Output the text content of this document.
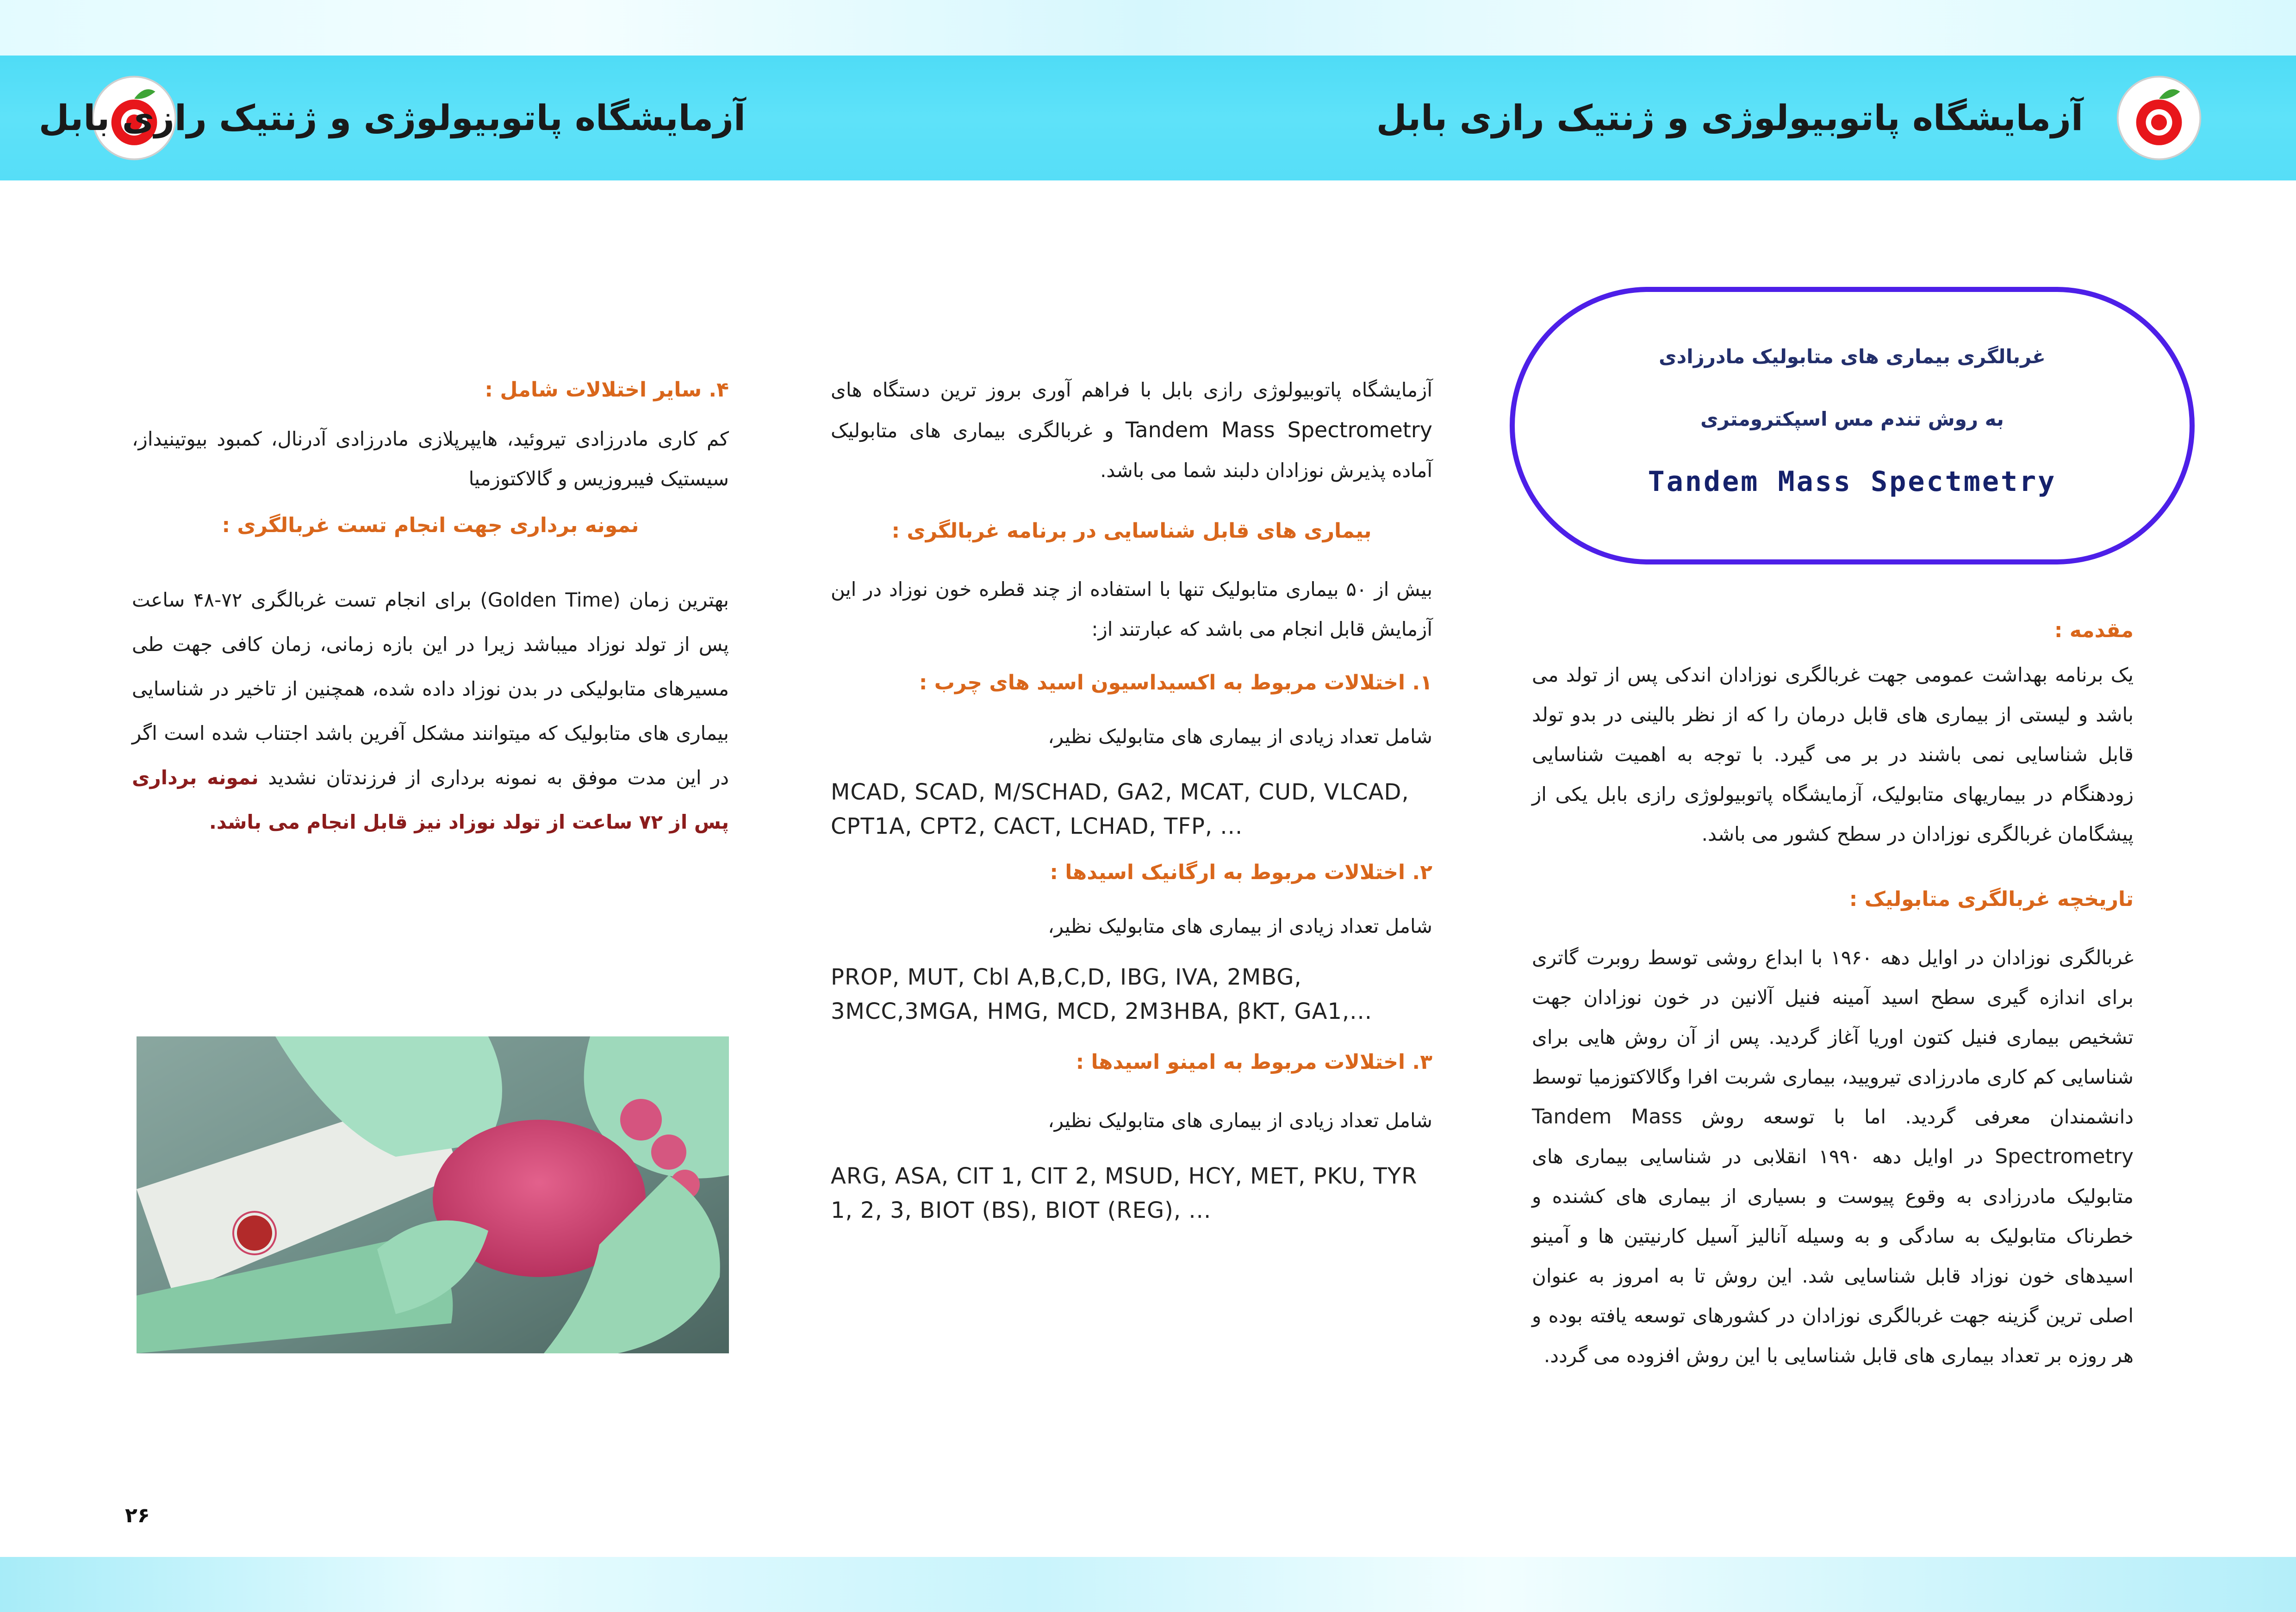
آزمایشگاه پاتوبیولوژی و ژنتیک رازی بابل
آزمایشگاه پاتوبیولوژی و ژنتیک رازی بابل
غربالگری بیماری های متابولیک مادرزادی
به روش تندم مس اسپکترومتری
Tandem Mass Spectmetry

مقدمه :

یک برنامه بهداشت عمومی جهت غربالگری نوزادان اندکی پس از تولد می باشد و لیستی از بیماری های قابل درمان را که از نظر بالینی در بدو تولد قابل شناسایی نمی باشند در بر می گیرد. با توجه به اهمیت شناسایی زودهنگام در بیماریهای متابولیک، آزمایشگاه پاتوبیولوژی رازی بابل یکی از پیشگامان غربالگری نوزادان در سطح کشور می باشد.

تاریخچه غربالگری متابولیک :

غربالگری نوزادان در اوایل دهه ۱۹۶۰ با ابداع روشی توسط روبرت گاتری برای اندازه گیری سطح اسید آمینه فنیل آلانین در خون نوزادان جهت تشخیص بیماری فنیل کتون اوریا آغاز گردید. پس از آن روش هایی برای شناسایی کم کاری مادرزادی تیرویید، بیماری شربت افرا وگالاکتوزمیا توسط دانشمندان معرفی گردید. اما با توسعه روش Tandem Mass Spectrometry در اوایل دهه ۱۹۹۰ انقلابی در شناسایی بیماری های متابولیک مادرزادی به وقوع پیوست و بسیاری از بیماری های کشنده و خطرناک متابولیک به سادگی و به وسیله آنالیز آسیل کارنیتین ها و آمینو اسیدهای خون نوزاد قابل شناسایی شد. این روش تا به امروز به عنوان اصلی ترین گزینه جهت غربالگری نوزادان در کشورهای توسعه یافته بوده و هر روزه بر تعداد بیماری های قابل شناسایی با این روش افزوده می گردد.

آزمایشگاه پاتوبیولوژی رازی بابل با فراهم آوری بروز ترین دستگاه های Tandem Mass Spectrometry و غربالگری بیماری های متابولیک آماده پذیرش نوزادان دلبند شما می باشد.

بیماری های قابل شناسایی در برنامه غربالگری :

بیش از ۵۰ بیماری متابولیک تنها با استفاده از چند قطره خون نوزاد در این آزمایش قابل انجام می باشد که عبارتند از:

۱. اختلالات مربوط به اکسیداسیون اسید های چرب :

شامل تعداد زیادی از بیماری های متابولیک نظیر،

MCAD, SCAD, M/SCHAD, GA2, MCAT, CUD, VLCAD, CPT1A, CPT2, CACT, LCHAD, TFP, ...

۲. اختلالات مربوط به ارگانیک اسیدها :

شامل تعداد زیادی از بیماری های متابولیک نظیر،

PROP, MUT, Cbl A,B,C,D, IBG, IVA, 2MBG, 3MCC,3MGA, HMG, MCD, 2M3HBA, βKT, GA1,...

۳. اختلالات مربوط به امینو اسیدها :

شامل تعداد زیادی از بیماری های متابولیک نظیر،

ARG, ASA, CIT 1, CIT 2, MSUD, HCY, MET, PKU, TYR 1, 2, 3, BIOT (BS), BIOT (REG), ...

۴. سایر اختلالات شامل :

کم کاری مادرزادی تیروئید، هایپرپلازی مادرزادی آدرنال، کمبود بیوتینیداز، سیستیک فیبروزیس و گالاکتوزمیا

نمونه برداری جهت انجام تست غربالگری :

بهترین زمان (Golden Time) برای انجام تست غربالگری ۷۲-۴۸ ساعت پس از تولد نوزاد میباشد زیرا در این بازه زمانی، زمان کافی جهت طی مسیرهای متابولیکی در بدن نوزاد داده شده، همچنین از تاخیر در شناسایی بیماری های متابولیک که میتوانند مشکل آفرین باشد اجتناب شده است اگر در این مدت موفق به نمونه برداری از فرزندتان نشدید نمونه برداری پس از ۷۲ ساعت از تولد نوزاد نیز قابل انجام می باشد.

۲۶
